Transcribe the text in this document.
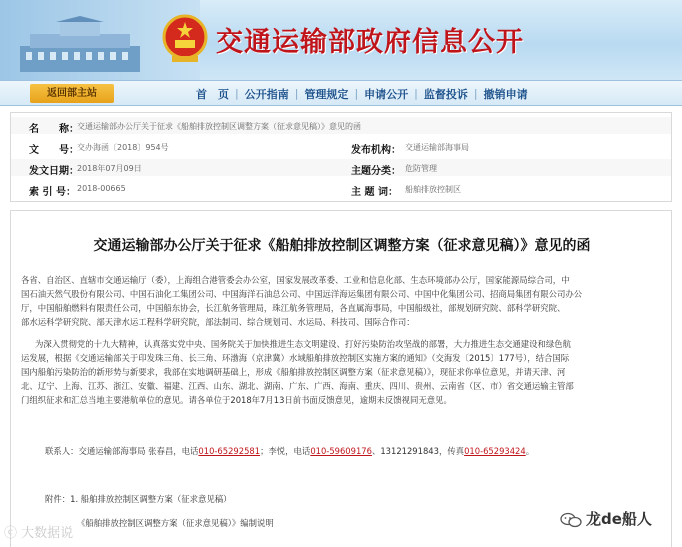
交通运输部政府信息公开
返回部主站	首　页 | 公开指南 | 管理规定 | 申请公开 | 监督投诉 | 撤销申请
名　　称：
交通运输部办公厅关于征求《船舶排放控制区调整方案（征求意见稿）》意见的函
文　　号：
交办海函〔2018〕954号	发布机构： 交通运输部海事局
发文日期：
2018年07月09日	主题分类： 危防管理
索 引 号： 2018-00665	主 题 词： 船舶排放控制区
交通运输部办公厅关于征求《船舶排放控制区调整方案（征求意见稿）》意见的函
各省、自治区、直辖市交通运输厅（委），上海组合港管委会办公室，国家发展改革委、工业和信息化部、生态环境部办公厅，国家能源局综合司，中
国石油天然气股份有限公司、中国石油化工集团公司、中国海洋石油总公司、中国远洋海运集团有限公司、中国中化集团公司、招商局集团有限公司办公
厅，中国船舶燃料有限责任公司，中国船东协会，长江航务管理局，珠江航务管理局，各直属海事局，中国船级社，部规划研究院、部科学研究院、
部水运科学研究院、部天津水运工程科学研究院，部法制司、综合规划司、水运局、科技司、国际合作司：
为深入贯彻党的十九大精神，认真落实党中央、国务院关于加快推进生态文明建设、打好污染防治攻坚战的部署，大力推进生态交通建设和绿色航
运发展，根据《交通运输部关于印发珠三角、长三角、环渤海（京津冀）水域船舶排放控制区实施方案的通知》（交海发〔2015〕177号），结合国际
国内船舶污染防治的新形势与新要求，我部在实地调研基础上，形成《船舶排放控制区调整方案（征求意见稿）》，现征求你单位意见，并请天津、河
北、辽宁、上海、江苏、浙江、安徽、福建、江西、山东、湖北、湖南、广东、广西、海南、重庆、四川、贵州、云南省（区、市）省交通运输主管部
门组织征求和汇总当地主要港航单位的意见。请各单位于2018年7月13日前书面反馈意见，逾期未反馈视同无意见。
联系人：交通运输部海事局 张春昌，电话010-65292581；李悦，电话010-59609176、13121291843，传真010-65293424。
附件：1. 船舶排放控制区调整方案（征求意见稿）
《船舶排放控制区调整方案（征求意见稿）》编制说明
ⓒ 大数据说
龙de船人
